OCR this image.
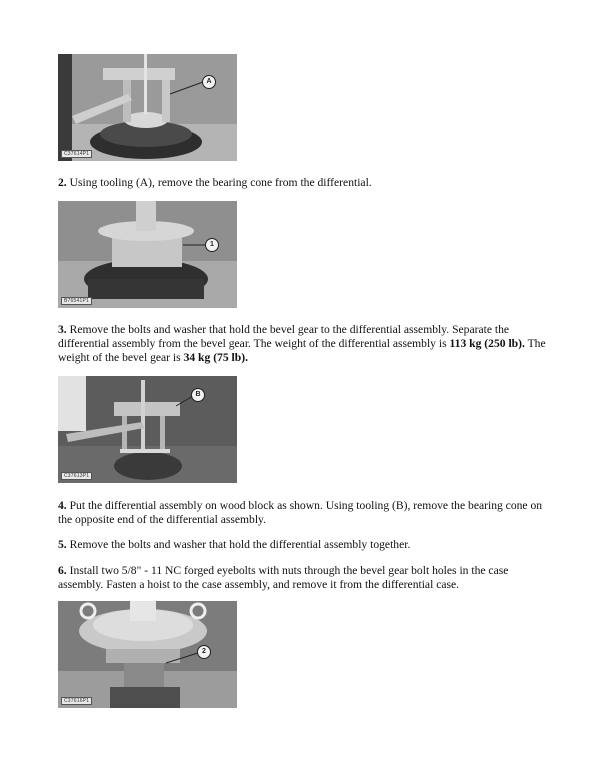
A
C37614P1

2. Using tooling (A), remove the bearing cone from the differential.

1
B76541P1

3. Remove the bolts and washer that hold the bevel gear to the differential assembly. Separate the differential assembly from the bevel gear. The weight of the differential assembly is 113 kg (250 lb). The weight of the bevel gear is 34 kg (75 lb).

B
C37613P1

4. Put the differential assembly on wood block as shown. Using tooling (B), remove the bearing cone on the opposite end of the differential assembly.

5. Remove the bolts and washer that hold the differential assembly together.

6. Install two 5/8" - 11 NC forged eyebolts with nuts through the bevel gear bolt holes in the case assembly. Fasten a hoist to the case assembly, and remove it from the differential case.

2
C37616P1
